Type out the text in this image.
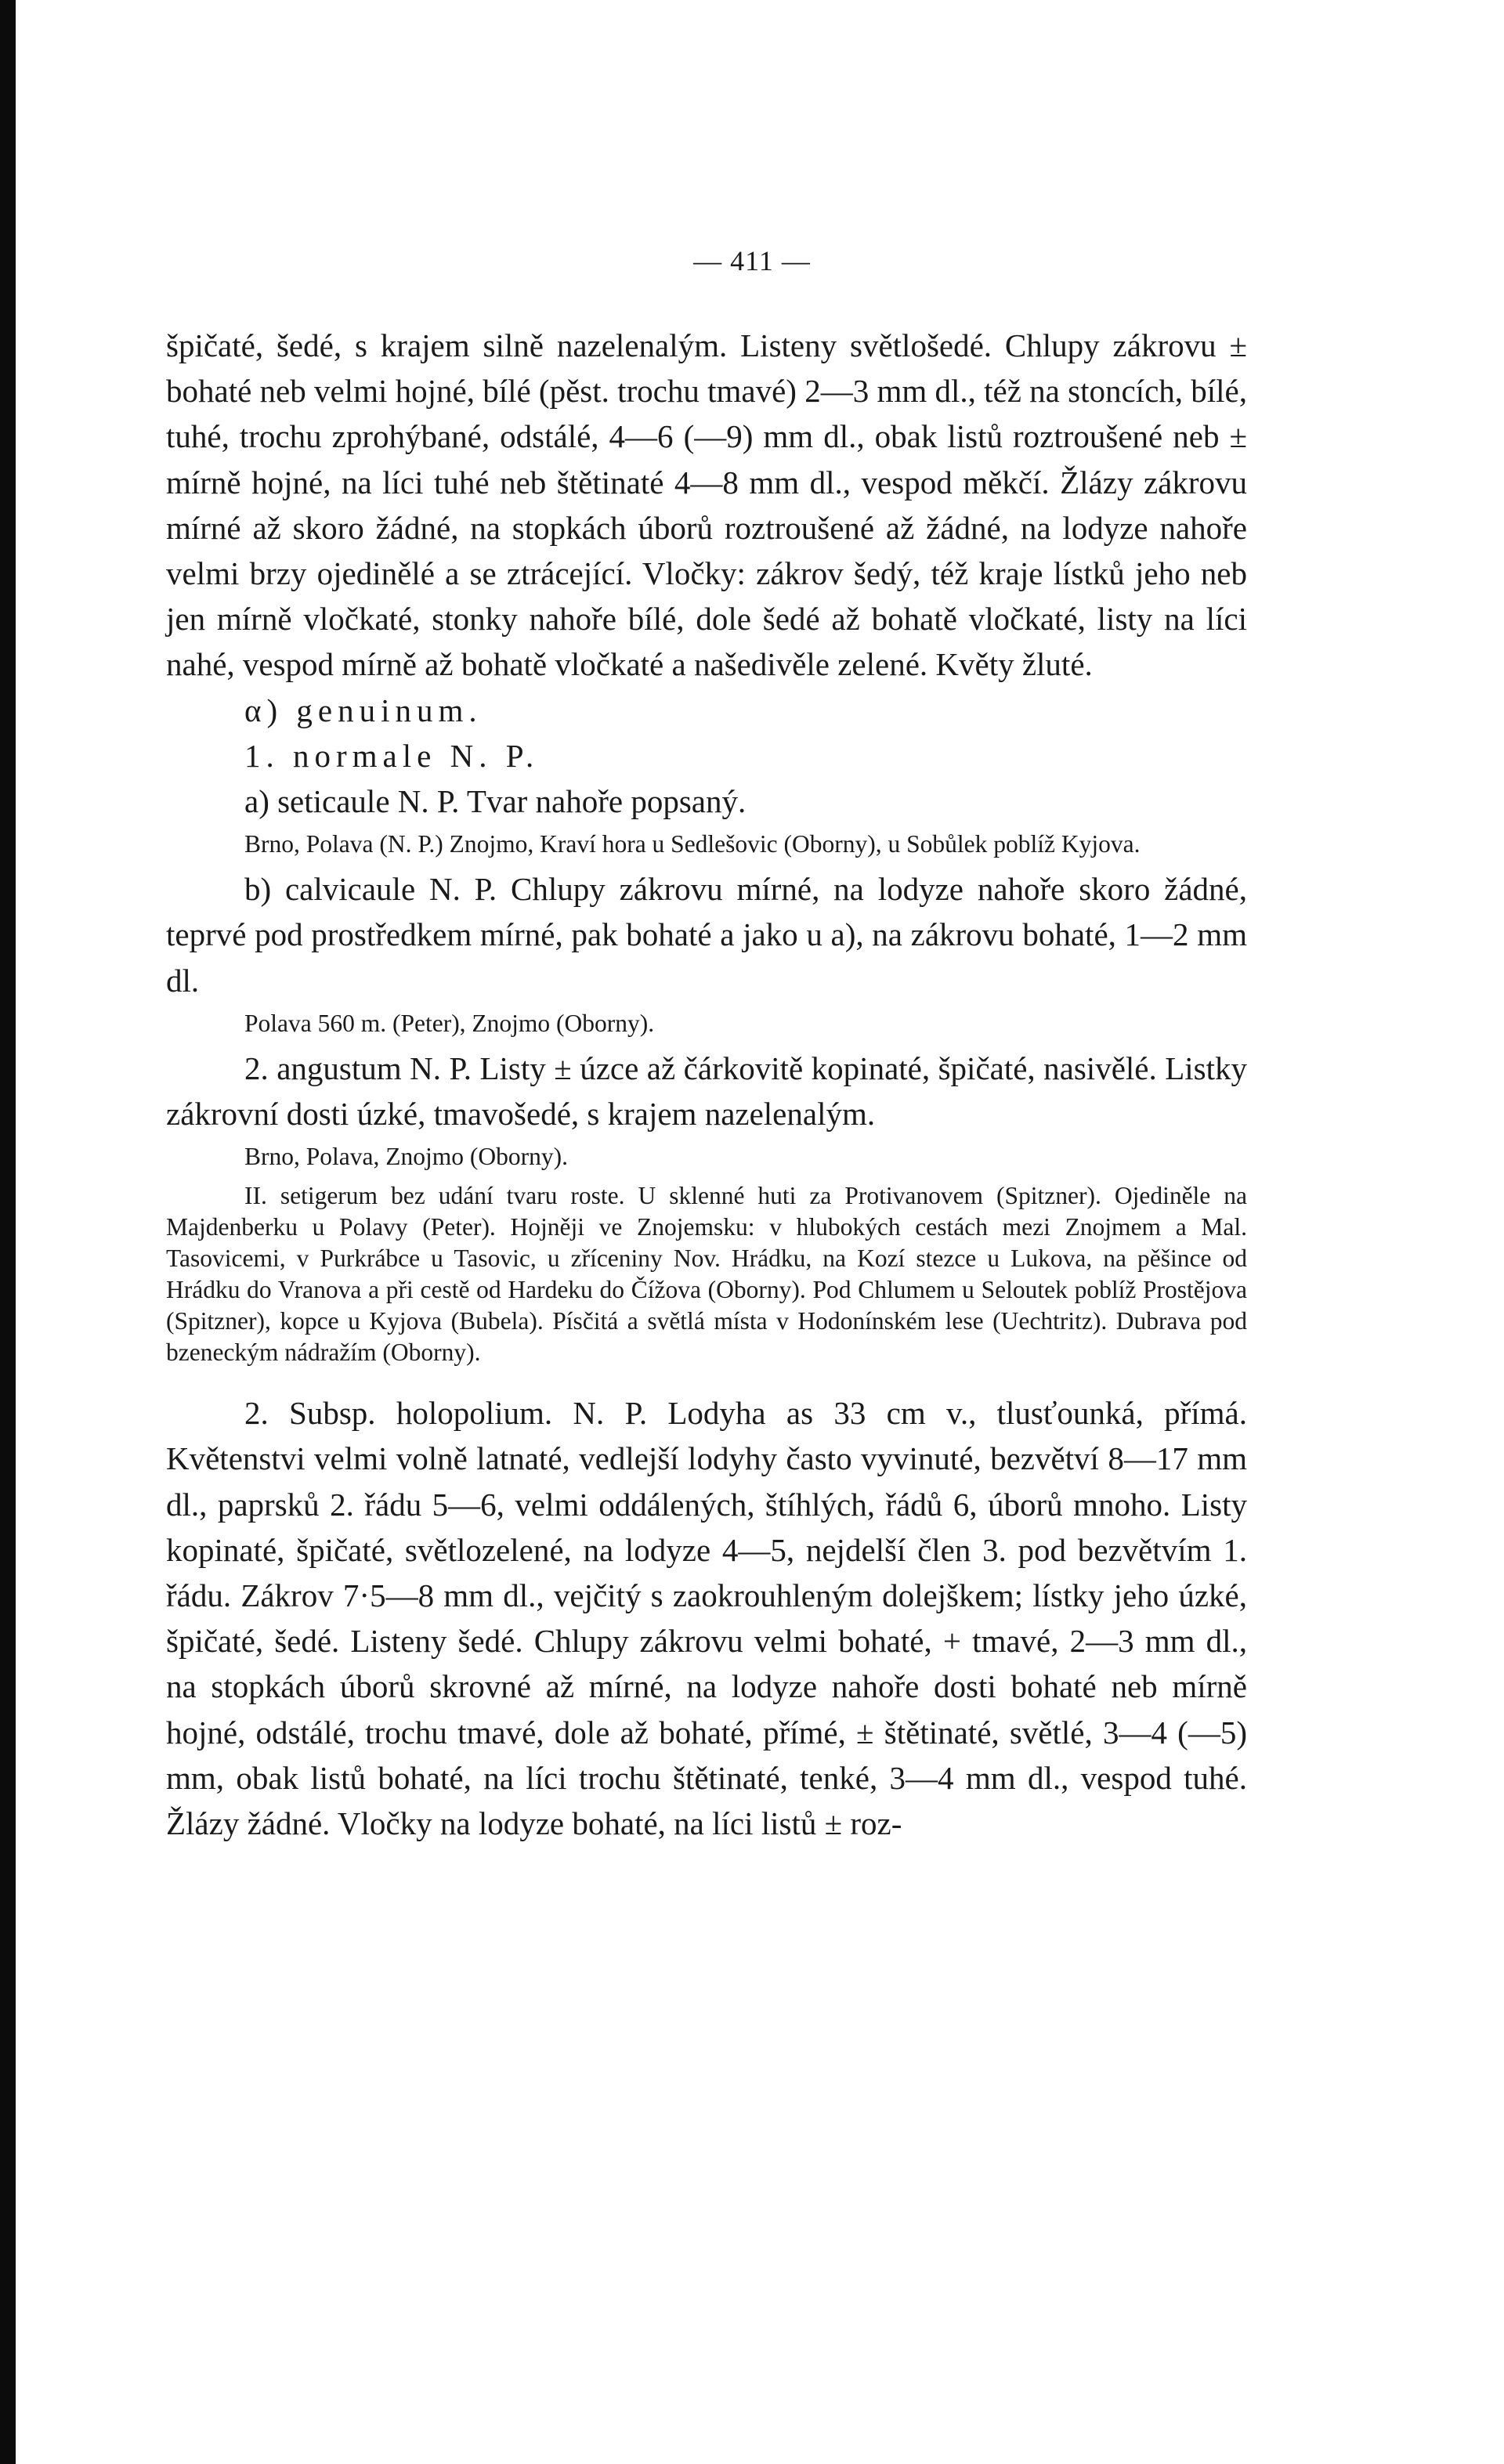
— 411 —

špičaté, šedé, s krajem silně nazelenalým. Listeny světlošedé. Chlupy zákrovu ± bohaté neb velmi hojné, bílé (pěst. trochu tmavé) 2—3 mm dl., též na stoncích, bílé, tuhé, trochu zprohýbané, odstálé, 4—6 (—9) mm dl., obak listů roztroušené neb ± mírně hojné, na líci tuhé neb štětinaté 4—8 mm dl., vespod měkčí. Žlázy zákrovu mírné až skoro žádné, na stopkách úborů roztroušené až žádné, na lodyze nahoře velmi brzy ojedinělé a se ztrácející. Vločky: zákrov šedý, též kraje lístků jeho neb jen mírně vločkaté, stonky nahoře bílé, dole šedé až bohatě vločkaté, listy na líci nahé, vespod mírně až bohatě vločkaté a našedivěle zelené. Květy žluté.

α) genuinum.

1. normale N. P.

a) seticaule N. P. Tvar nahoře popsaný.

Brno, Polava (N. P.) Znojmo, Kraví hora u Sedlešovic (Oborny), u Sobůlek poblíž Kyjova.

b) calvicaule N. P. Chlupy zákrovu mírné, na lodyze nahoře skoro žádné, teprvé pod prostředkem mírné, pak bohaté a jako u a), na zákrovu bohaté, 1—2 mm dl.

Polava 560 m. (Peter), Znojmo (Oborny).

2. angustum N. P. Listy ± úzce až čárkovitě kopinaté, špičaté, nasivělé. Listky zákrovní dosti úzké, tmavošedé, s krajem nazelenalým.

Brno, Polava, Znojmo (Oborny).

II. setigerum bez udání tvaru roste. U sklenné huti za Protivanovem (Spitzner). Ojediněle na Majdenberku u Polavy (Peter). Hojněji ve Znojemsku: v hlubokých cestách mezi Znojmem a Mal. Tasovicemi, v Purkrábce u Tasovic, u zříceniny Nov. Hrádku, na Kozí stezce u Lukova, na pěšince od Hrádku do Vranova a při cestě od Hardeku do Čížova (Oborny). Pod Chlumem u Seloutek poblíž Prostějova (Spitzner), kopce u Kyjova (Bubela). Písčitá a světlá místa v Hodonínském lese (Uechtritz). Dubrava pod bzeneckým nádražím (Oborny).

2. Subsp. holopolium. N. P. Lodyha as 33 cm v., tlusťounká, přímá. Květenstvi velmi volně latnaté, vedlejší lodyhy často vyvinuté, bezvětví 8—17 mm dl., paprsků 2. řádu 5—6, velmi oddálených, štíhlých, řádů 6, úborů mnoho. Listy kopinaté, špičaté, světlozelené, na lodyze 4—5, nejdelší člen 3. pod bezvětvím 1. řádu. Zákrov 7·5—8 mm dl., vejčitý s zaokrouhleným dolejškem; lístky jeho úzké, špičaté, šedé. Listeny šedé. Chlupy zákrovu velmi bohaté, + tmavé, 2—3 mm dl., na stopkách úborů skrovné až mírné, na lodyze nahoře dosti bohaté neb mírně hojné, odstálé, trochu tmavé, dole až bohaté, přímé, ± štětinaté, světlé, 3—4 (—5) mm, obak listů bohaté, na líci trochu štětinaté, tenké, 3—4 mm dl., vespod tuhé. Žlázy žádné. Vločky na lodyze bohaté, na líci listů ± roz-
